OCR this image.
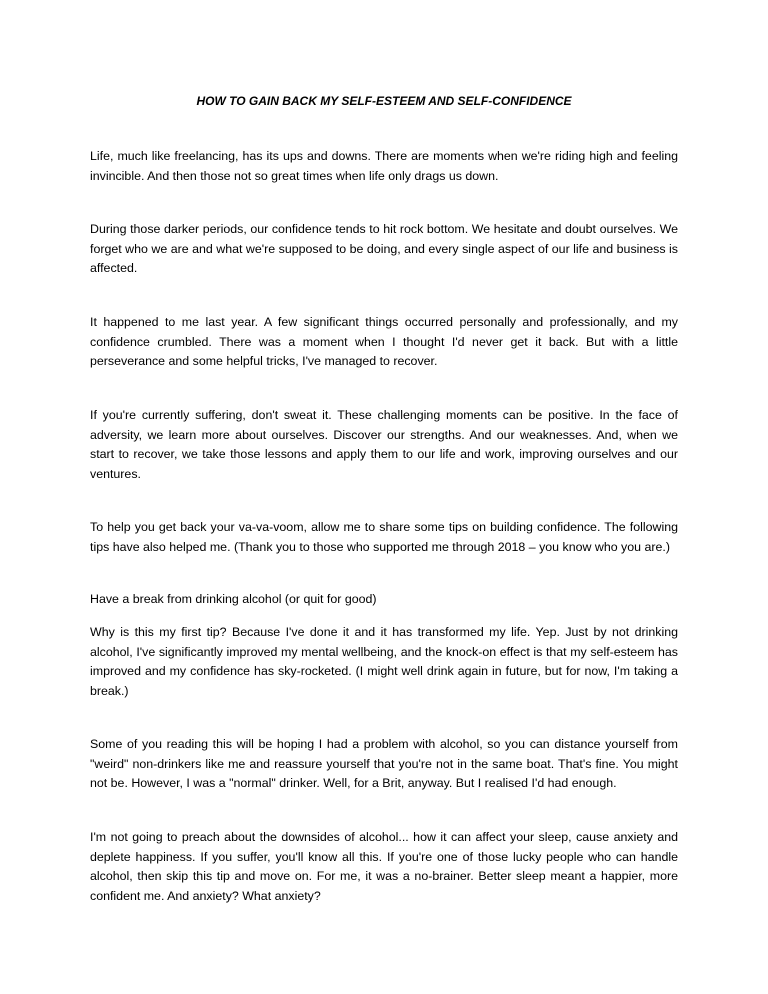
HOW TO GAIN BACK MY SELF-ESTEEM AND SELF-CONFIDENCE

Life, much like freelancing, has its ups and downs. There are moments when we're riding high and feeling invincible. And then those not so great times when life only drags us down.

During those darker periods, our confidence tends to hit rock bottom. We hesitate and doubt ourselves. We forget who we are and what we're supposed to be doing, and every single aspect of our life and business is affected.

It happened to me last year. A few significant things occurred personally and professionally, and my confidence crumbled. There was a moment when I thought I'd never get it back. But with a little perseverance and some helpful tricks, I've managed to recover.

If you're currently suffering, don't sweat it. These challenging moments can be positive. In the face of adversity, we learn more about ourselves. Discover our strengths. And our weaknesses. And, when we start to recover, we take those lessons and apply them to our life and work, improving ourselves and our ventures.

To help you get back your va-va-voom, allow me to share some tips on building confidence. The following tips have also helped me. (Thank you to those who supported me through 2018 – you know who you are.)

Have a break from drinking alcohol (or quit for good)

Why is this my first tip? Because I've done it and it has transformed my life. Yep. Just by not drinking alcohol, I've significantly improved my mental wellbeing, and the knock-on effect is that my self-esteem has improved and my confidence has sky-rocketed. (I might well drink again in future, but for now, I'm taking a break.)

Some of you reading this will be hoping I had a problem with alcohol, so you can distance yourself from "weird" non-drinkers like me and reassure yourself that you're not in the same boat. That's fine. You might not be. However, I was a "normal" drinker. Well, for a Brit, anyway. But I realised I'd had enough.

I'm not going to preach about the downsides of alcohol... how it can affect your sleep, cause anxiety and deplete happiness. If you suffer, you'll know all this. If you're one of those lucky people who can handle alcohol, then skip this tip and move on. For me, it was a no-brainer. Better sleep meant a happier, more confident me. And anxiety? What anxiety?
